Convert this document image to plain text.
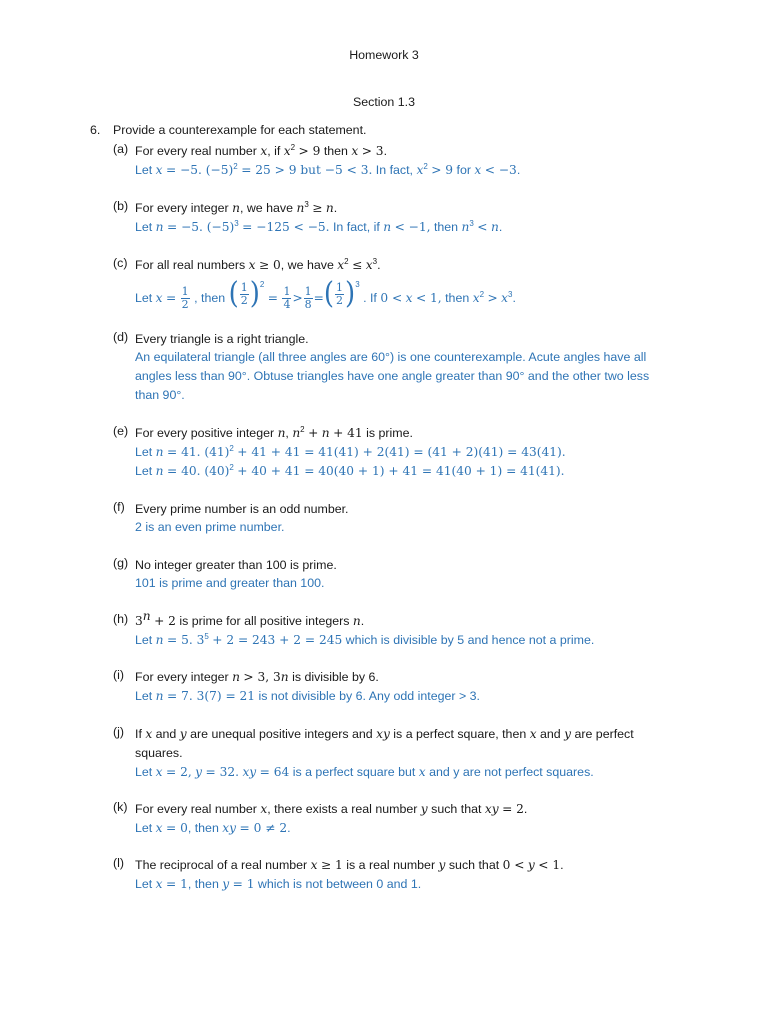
Homework 3
Section 1.3
6. Provide a counterexample for each statement.
(a) For every real number x, if $x^2 > 9$ then x > 3.
Let x = −5. $(-5)^2 = 25 > 9$ but −5 < 3. In fact, $x^2 > 9$ for x < −3.
(b) For every integer n, we have $n^3 \ge n$.
Let n = −5. $(-5)^3 = -125 < -5$. In fact, if n < −1, then $n^3 < n$.
(c) For all real numbers x ≥ 0, we have $x^2 \le x^3$.
Let $x = \frac{1}{2}$ , then ( $\frac{1}{2} )^2$
= $\frac{1}{4} > \frac{1}{8}$ = ( $\frac{1}{2} )^3$
. If 0 < x < 1, then $x^2 > x^3$.
(d) Every triangle is a right triangle.
An equilateral triangle (all three angles are 60°) is one counterexample. Acute angles have all angles less than 90°. Obtuse triangles have one angle greater than 90° and the other two less than 90°.
(e) For every positive integer n, $n^2 + n + 41$ is prime.
Let n = 41. $(41)^2 + 41 + 41 = 41(41) + 2(41) = (41 + 2)(41) = 43(41)$.
Let n = 40. $(40)^2 + 40 + 41 = 40(40 + 1) + 41 = 41(40 + 1) = 41(41)$.
(f) Every prime number is an odd number.
2 is an even prime number.
(g) No integer greater than 100 is prime.
101 is prime and greater than 100.
(h) $3^n + 2$ is prime for all positive integers n.
Let n = 5. $3^5 + 2 = 243 + 2 = 245$ which is divisible by 5 and hence not a prime.
(i) For every integer n > 3, 3n is divisible by 6.
Let n = 7. 3(7) = 21 is not divisible by 6. Any odd integer > 3.
(j) If x and y are unequal positive integers and xy is a perfect square, then x and y are perfect squares.
Let x = 2, y = 32. xy = 64 is a perfect square but x and y are not perfect squares.
(k) For every real number x, there exists a real number y such that xy = 2.
Let x = 0, then xy = 0 ≠ 2.
(l) The reciprocal of a real number x ≥ 1 is a real number y such that 0 < y < 1.
Let x = 1, then y = 1 which is not between 0 and 1.
